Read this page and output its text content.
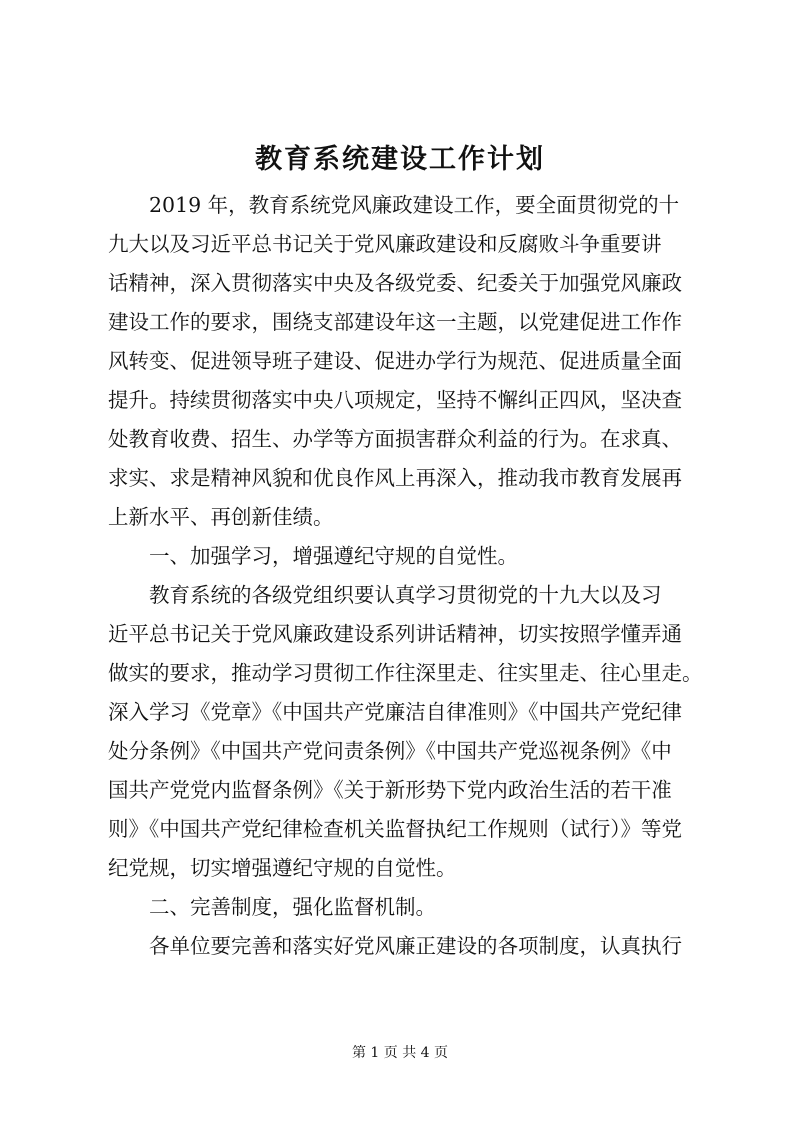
教育系统建设工作计划
　　2019 年，教育系统党风廉政建设工作，要全面贯彻党的十
九大以及习近平总书记关于党风廉政建设和反腐败斗争重要讲
话精神，深入贯彻落实中央及各级党委、纪委关于加强党风廉政
建设工作的要求，围绕支部建设年这一主题，以党建促进工作作
风转变、促进领导班子建设、促进办学行为规范、促进质量全面
提升。持续贯彻落实中央八项规定，坚持不懈纠正四风，坚决查
处教育收费、招生、办学等方面损害群众利益的行为。在求真、
求实、求是精神风貌和优良作风上再深入，推动我市教育发展再
上新水平、再创新佳绩。
　　一、加强学习，增强遵纪守规的自觉性。
　　教育系统的各级党组织要认真学习贯彻党的十九大以及习
近平总书记关于党风廉政建设系列讲话精神，切实按照学懂弄通
做实的要求，推动学习贯彻工作往深里走、往实里走、往心里走。
深入学习《党章》《中国共产党廉洁自律准则》《中国共产党纪律
处分条例》《中国共产党问责条例》《中国共产党巡视条例》《中
国共产党党内监督条例》《关于新形势下党内政治生活的若干准
则》《中国共产党纪律检查机关监督执纪工作规则（试行）》等党
纪党规，切实增强遵纪守规的自觉性。
　　二、完善制度，强化监督机制。
　　各单位要完善和落实好党风廉正建设的各项制度，认真执行
第 1 页 共 4 页
